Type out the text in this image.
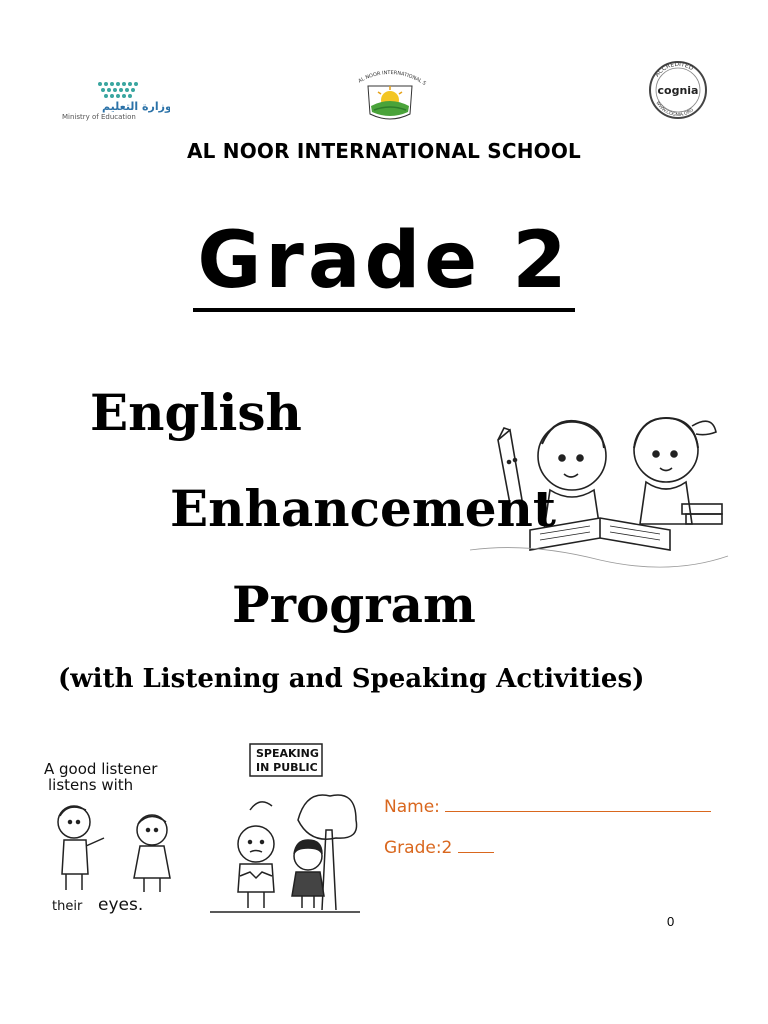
وزارة التعليم
Ministry of Education
AL NOOR INTERNATIONAL S
ACCREDITED
WWW.COGNIA.ORG
cognia
AL NOOR INTERNATIONAL SCHOOL
Grade 2
English
Enhancement
Program
(with Listening and Speaking Activities)
A good listener
listens with
their eyes.
SPEAKING
IN PUBLIC
Name:
Grade:2
0
